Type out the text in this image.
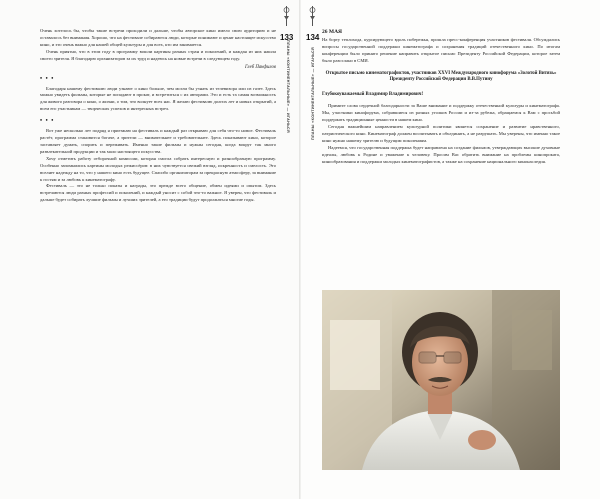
133
ПЛАНЫ «КОНТИНЕНТАЛЬНЫЕ» — ИГАНЬСЯ

Очень хотелось бы, чтобы такие встречи проходили и дальше, чтобы авторское кино имело свою аудиторию и не оставалось без внимания. Хорошо, что на фестивале собираются люди, которые понимают и ценят настоящее искусство кино, и это очень важно для нашей общей культуры и для всех, кто им занимается.

Очень приятно, что в этом году в программу вошли картины разных стран и поколений, и каждая из них нашла своего зрителя. Я благодарю организаторов за их труд и надеюсь на новые встречи в следующем году.

Глеб Панфилов
• • •

Благодаря нашему фестивалю люди узнают о кино больше, чем могли бы узнать из телевизора или из газет. Здесь можно увидеть фильмы, которые не попадают в прокат, и встретиться с их авторами. Это и есть та самая возможность для живого разговора о кино, о жизни, о том, что волнует всех нас. Я желаю фестивалю долгих лет и новых открытий, а всем его участникам — творческих успехов и интересных встреч.

• • •

Вот уже несколько лет подряд я приезжаю на фестиваль и каждый раз открываю для себя что-то новое. Фестиваль растёт, программа становится богаче, а зрители — внимательнее и требовательнее. Здесь показывают кино, которое заставляет думать, спорить и переживать. Именно такие фильмы и нужны сегодня, когда вокруг так много развлекательной продукции и так мало настоящего искусства.

Хочу отметить работу отборочной комиссии, которая смогла собрать интересную и разнообразную программу. Особенно запомнились картины молодых режиссёров: в них чувствуется свежий взгляд, искренность и смелость. Это вселяет надежду на то, что у нашего кино есть будущее. Спасибо организаторам за прекрасную атмосферу, за внимание к гостям и за любовь к кинематографу.

Фестиваль — это не только показы и награды, это прежде всего общение, обмен идеями и опытом. Здесь встречаются люди разных профессий и поколений, и каждый уносит с собой что-то важное. Я уверен, что фестиваль и дальше будет собирать лучшие фильмы и лучших зрителей, а его традиции будут продолжаться многие годы.

134
ПЛАНЫ «КОНТИНЕНТАЛЬНЫЕ» — ИГАНЬСЯ
26 МАЯ

На борту теплохода, курсирующего вдоль побережья, прошла пресс-конференция участников фестиваля. Обсуждались вопросы государственной поддержки кинематографа и сохранения традиций отечественного кино. По итогам конференции было принято решение направить открытое письмо Президенту Российской Федерации, которое затем было разослано в СМИ.

Открытое письмо кинематографистов, участников XXVI Международного кинофорума «Золотой Витязь» Президенту Российской Федерации В.В.Путину
Глубокоуважаемый Владимир Владимирович!

Примите слова сердечной благодарности за Ваше внимание и поддержку отечественной культуры и кинематографа. Мы, участники кинофорума, собравшиеся из разных уголков России и из-за рубежа, обращаемся к Вам с просьбой поддержать традиционные ценности в нашем кино.

Сегодня важнейшим направлением культурной политики является сохранение и развитие нравственного, патриотического кино. Кинематограф должен воспитывать и объединять, а не разрушать. Мы уверены, что именно такое кино нужно нашему зрителю и будущим поколениям.

Надеемся, что государственная поддержка будет направлена на создание фильмов, утверждающих высокие духовные идеалы, любовь к Родине и уважение к человеку. Просим Вас обратить внимание на проблемы кинопроката, кинообразования и поддержки молодых кинематографистов, а также на сохранение национального кинонаследия.
